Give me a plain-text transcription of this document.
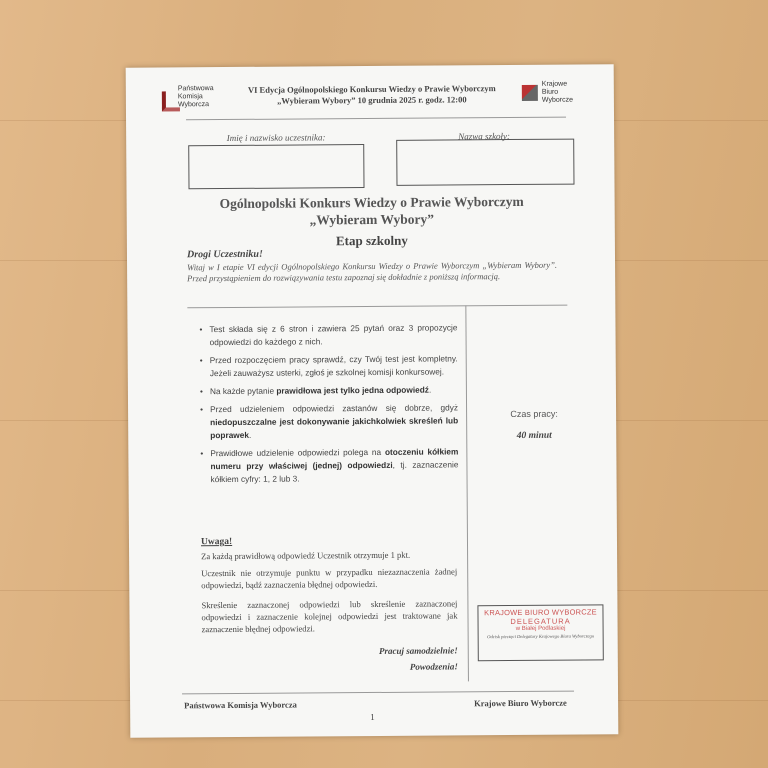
Państwowa
Komisja
Wyborcza
VI Edycja Ogólnopolskiego Konkursu Wiedzy o Prawie Wyborczym
„Wybieram Wybory” 10 grudnia 2025 r. godz. 12:00
Krajowe
Biuro
Wyborcze
Imię i nazwisko uczestnika:	Nazwa szkoły:
Ogólnopolski Konkurs Wiedzy o Prawie Wyborczym
„Wybieram Wybory”
Etap szkolny
Drogi Uczestniku!
Witaj w I etapie VI edycji Ogólnopolskiego Konkursu Wiedzy o Prawie Wyborczym „Wybieram Wybory”. Przed przystąpieniem do rozwiązywania testu zapoznaj się dokładnie z poniższą informacją.
• Test składa się z 6 stron i zawiera 25 pytań oraz 3 propozycje odpowiedzi do każdego z nich.
• Przed rozpoczęciem pracy sprawdź, czy Twój test jest kompletny. Jeżeli zauważysz usterki, zgłoś je szkolnej komisji konkursowej.
• Na każde pytanie prawidłowa jest tylko jedna odpowiedź.
• Przed udzieleniem odpowiedzi zastanów się dobrze, gdyż niedopuszczalne jest dokonywanie jakichkolwiek skreśleń lub poprawek.
• Prawidłowe udzielenie odpowiedzi polega na otoczeniu kółkiem numeru przy właściwej (jednej) odpowiedzi, tj. zaznaczenie kółkiem cyfry: 1, 2 lub 3.
Czas pracy:
40 minut
Uwaga!
Za każdą prawidłową odpowiedź Uczestnik otrzymuje 1 pkt.
Uczestnik nie otrzymuje punktu w przypadku niezaznaczenia żadnej odpowiedzi, bądź zaznaczenia błędnej odpowiedzi.
Skreślenie zaznaczonej odpowiedzi lub skreślenie zaznaczonej odpowiedzi i zaznaczenie kolejnej odpowiedzi jest traktowane jak zaznaczenie błędnej odpowiedzi.
Pracuj samodzielnie!
Powodzenia!
KRAJOWE BIURO WYBORCZE
DELEGATURA
w Białej Podlaskiej
Odcisk pieczęci Delegatury Krajowego Biura Wyborczego
Państwowa Komisja Wyborcza	Krajowe Biuro Wyborcze
1
